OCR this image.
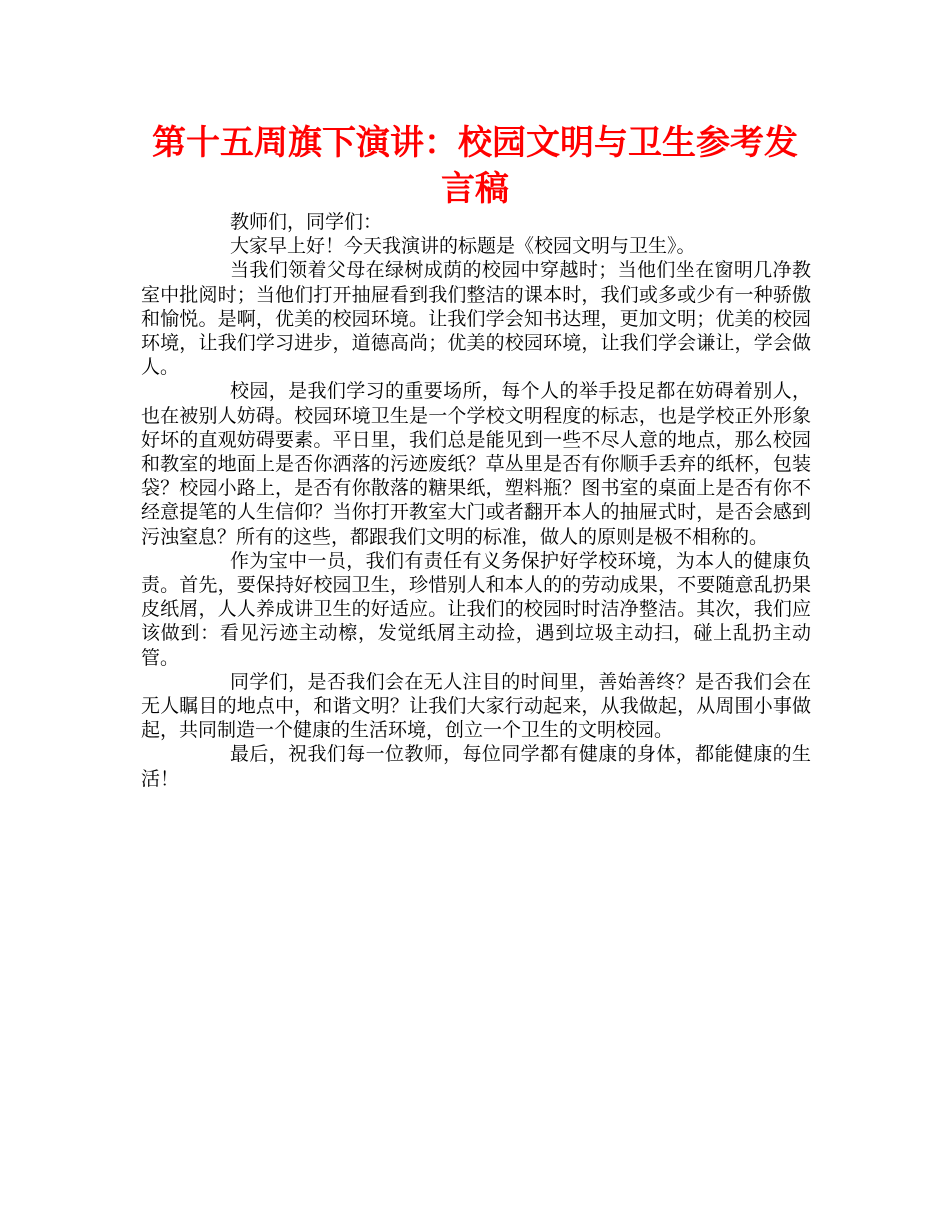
第十五周旗下演讲：校园文明与卫生参考发言稿

教师们，同学们：

大家早上好！今天我演讲的标题是《校园文明与卫生》。

当我们领着父母在绿树成荫的校园中穿越时；当他们坐在窗明几净教室中批阅时；当他们打开抽屉看到我们整洁的课本时，我们或多或少有一种骄傲和愉悦。是啊，优美的校园环境。让我们学会知书达理，更加文明；优美的校园环境，让我们学习进步，道德高尚；优美的校园环境，让我们学会谦让，学会做人。

校园，是我们学习的重要场所，每个人的举手投足都在妨碍着别人，也在被别人妨碍。校园环境卫生是一个学校文明程度的标志，也是学校正外形象好坏的直观妨碍要素。平日里，我们总是能见到一些不尽人意的地点，那么校园和教室的地面上是否你洒落的污迹废纸？草丛里是否有你顺手丢弃的纸杯，包装袋？校园小路上，是否有你散落的糖果纸，塑料瓶？图书室的桌面上是否有你不经意提笔的人生信仰？当你打开教室大门或者翻开本人的抽屉式时，是否会感到污浊窒息？所有的这些，都跟我们文明的标准，做人的原则是极不相称的。

作为宝中一员，我们有责任有义务保护好学校环境，为本人的健康负责。首先，要保持好校园卫生，珍惜别人和本人的的劳动成果，不要随意乱扔果皮纸屑，人人养成讲卫生的好适应。让我们的校园时时洁净整洁。其次，我们应该做到：看见污迹主动檫，发觉纸屑主动捡，遇到垃圾主动扫，碰上乱扔主动管。

同学们，是否我们会在无人注目的时间里，善始善终？是否我们会在无人瞩目的地点中，和谐文明？让我们大家行动起来，从我做起，从周围小事做起，共同制造一个健康的生活环境，创立一个卫生的文明校园。

最后，祝我们每一位教师，每位同学都有健康的身体，都能健康的生活！
